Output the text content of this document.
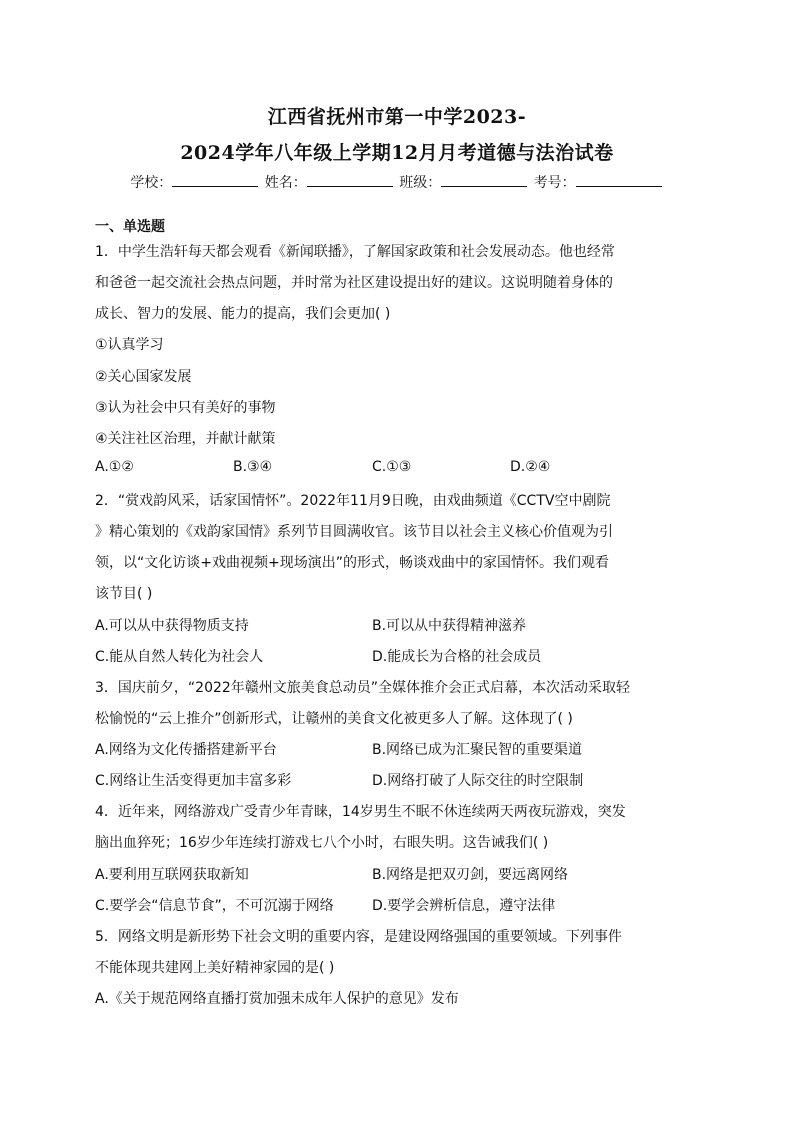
江西省抚州市第一中学2023-
2024学年八年级上学期12月月考道德与法治试卷
学校：	姓名：	班级：	考号：
一、单选题
1．中学生浩轩每天都会观看《新闻联播》，了解国家政策和社会发展动态。他也经常
和爸爸一起交流社会热点问题，并时常为社区建设提出好的建议。这说明随着身体的
成长、智力的发展、能力的提高，我们会更加( )
①认真学习
②关心国家发展
③认为社会中只有美好的事物
④关注社区治理，并献计献策
A.①②	B.③④	C.①③	D.②④
2．“赏戏韵风采，话家国情怀”。2022年11月9日晚，由戏曲频道《CCTV空中剧院
》精心策划的《戏韵家国情》系列节目圆满收官。该节目以社会主义核心价值观为引
领，以“文化访谈+戏曲视频+现场演出”的形式，畅谈戏曲中的家国情怀。我们观看
该节目( )
A.可以从中获得物质支持	B.可以从中获得精神滋养
C.能从自然人转化为社会人	D.能成长为合格的社会成员
3．国庆前夕，“2022年赣州文旅美食总动员”全媒体推介会正式启幕，本次活动采取轻
松愉悦的“云上推介”创新形式，让赣州的美食文化被更多人了解。这体现了( )
A.网络为文化传播搭建新平台	B.网络已成为汇聚民智的重要渠道
C.网络让生活变得更加丰富多彩	D.网络打破了人际交往的时空限制
4．近年来，网络游戏广受青少年青睐，14岁男生不眠不休连续两天两夜玩游戏，突发
脑出血猝死；16岁少年连续打游戏七八个小时，右眼失明。这告诫我们( )
A.要利用互联网获取新知	B.网络是把双刃剑，要远离网络
C.要学会“信息节食”，不可沉溺于网络	D.要学会辨析信息，遵守法律
5．网络文明是新形势下社会文明的重要内容，是建设网络强国的重要领域。下列事件
不能体现共建网上美好精神家园的是( )
A.《关于规范网络直播打赏加强未成年人保护的意见》发布
